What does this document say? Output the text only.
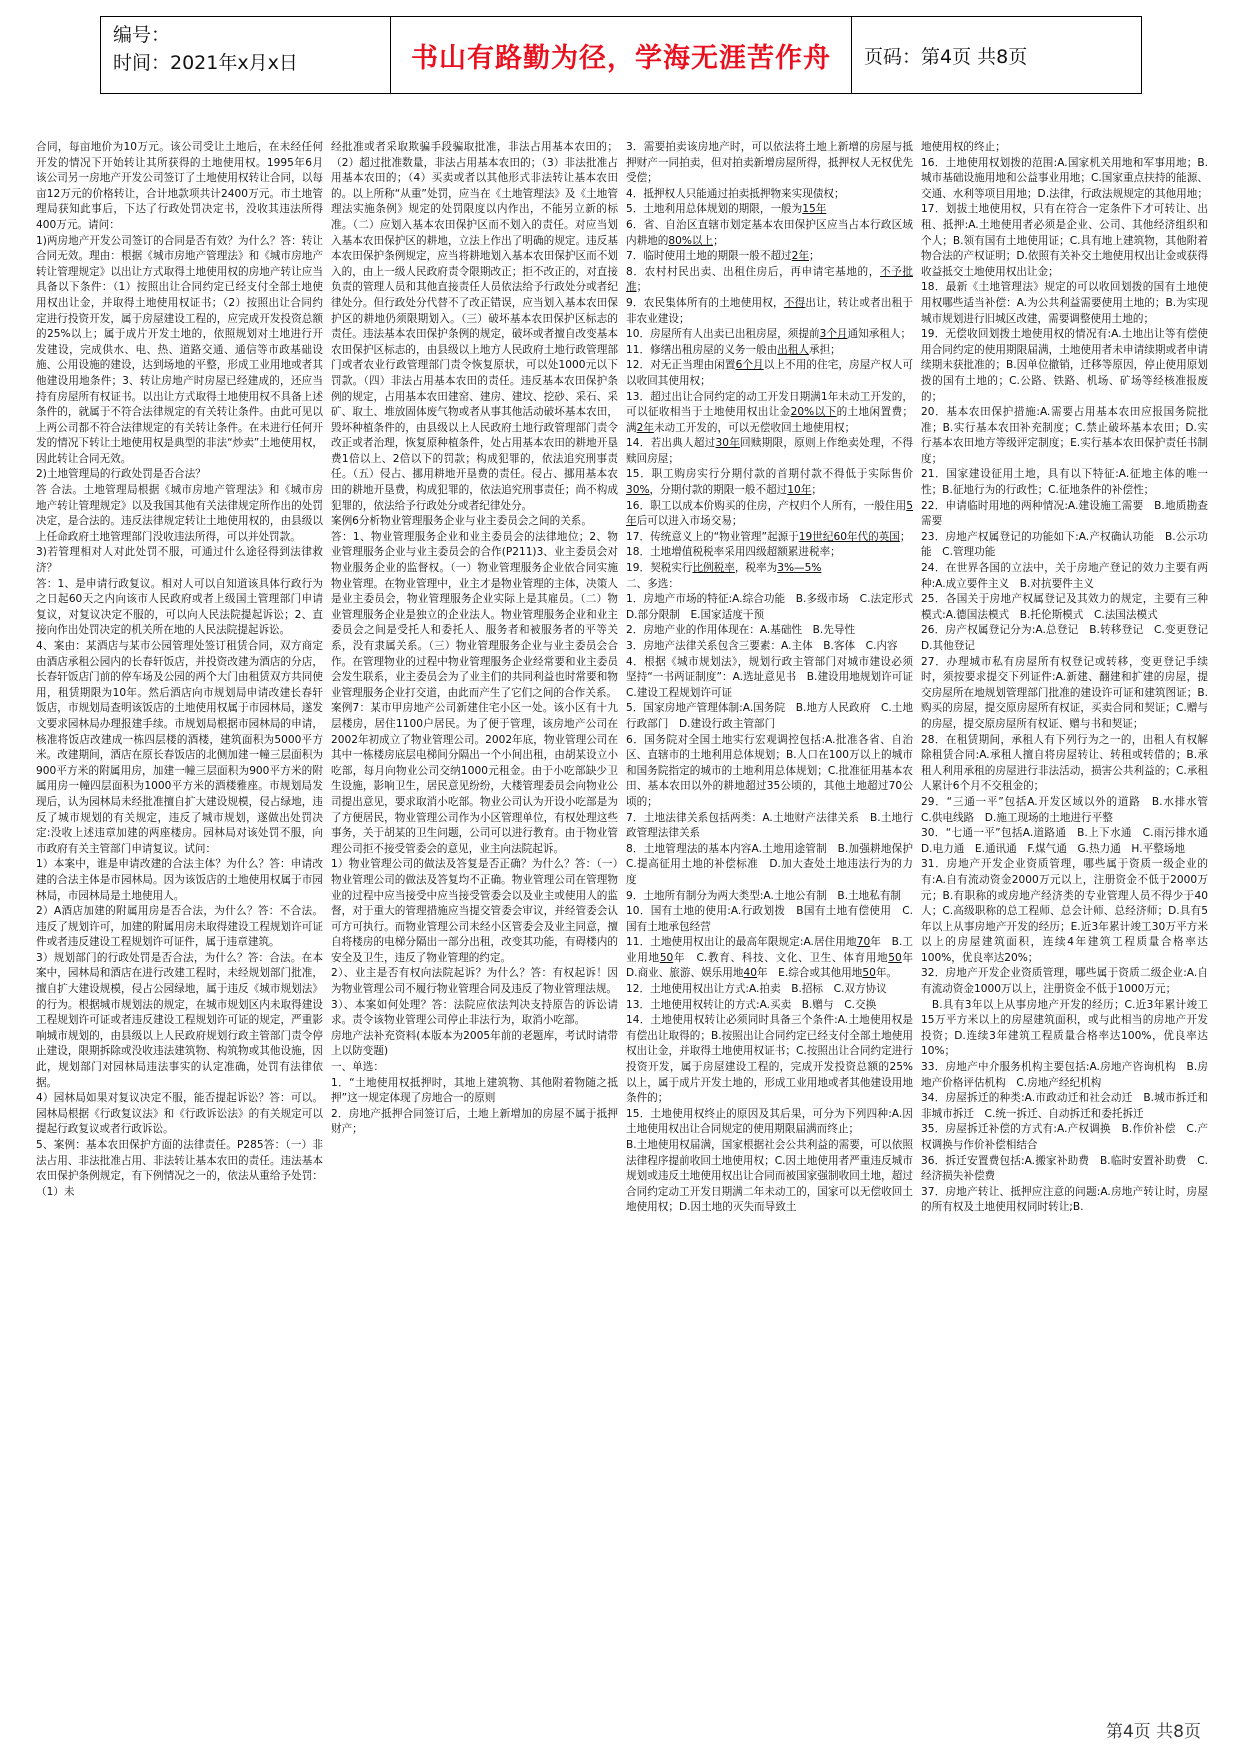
编号：
时间：2021年x月x日	书山有路勤为径，学海无涯苦作舟	页码：第4页 共8页

合同，每亩地价为10万元。该公司受让土地后，在未经任何开发的情况下开始转让其所获得的土地使用权。1995年6月该公司另一房地产开发公司签订了土地使用权转让合同，以每亩12万元的价格转让，合计地款项共计2400万元。市土地管理局获知此事后，下达了行政处罚决定书，没收其违法所得400万元。请问：

1)两房地产开发公司签订的合同是否有效？为什么？答：转让合同无效。理由：根据《城市房地产管理法》和《城市房地产转让管理规定》以出让方式取得土地使用权的房地产转让应当具备以下条件：（1）按照出让合同约定已经支付全部土地使用权出让金，并取得土地使用权证书；（2）按照出让合同约定进行投资开发，属于房屋建设工程的，应完成开发投资总额的25%以上；属于成片开发土地的，依照规划对土地进行开发建设，完成供水、电、热、道路交通、通信等市政基础设施、公用设施的建设，达到场地的平整，形成工业用地或者其他建设用地条件；3、转让房地产时房屋已经建成的，还应当持有房屋所有权证书。以出让方式取得土地使用权不具备上述条件的，就属于不符合法律规定的有关转让条件。由此可见以上两公司都不符合法律规定的有关转让条件。在未进行任何开发的情况下转让土地使用权是典型的非法“炒卖”土地使用权，因此转让合同无效。

2)土地管理局的行政处罚是否合法？

答 合法。土地管理局根据《城市房地产管理法》和《城市房地产转让管理规定》以及我国其他有关法律规定所作出的处罚决定，是合法的。违反法律规定转让土地使用权的，由县级以上任命政府土地管理部门没收违法所得，可以并处罚款。

3)若管理相对人对此处罚不服，可通过什么途径得到法律救济？

答：1、是申请行政复议。相对人可以自知道该具体行政行为之日起60天之内向该市人民政府或者上级国土管理部门申请复议，对复议决定不服的，可以向人民法院提起诉讼；2、直接向作出处罚决定的机关所在地的人民法院提起诉讼。

4、案由：某酒店与某市公园管理处签订租赁合同，双方商定由酒店承租公园内的长春轩饭店，并投资改建为酒店的分店，长春轩饭店门前的停车场及公园的两个大门由租赁双方共同使用，租赁期限为10年。然后酒店向市规划局申请改建长春轩饭店，市规划局查明该饭店的土地使用权属于市园林局，遂发文要求园林局办理报建手续。市规划局根据市园林局的申请，核准将饭店改建成一栋四层楼的酒楼，建筑面积为5000平方米。改建期间，酒店在原长春饭店的北侧加建一幢三层面积为900平方米的附属用房，加建一幢三层面积为900平方米的附属用房一幢四层面积为1000平方米的酒楼雅座。市规划局发现后，认为园林局未经批准擅自扩大建设规模，侵占绿地，违反了城市规划的有关规定，违反了城市规划，遂做出处罚决定:没收上述违章加建的两座楼房。园林局对该处罚不服，向市政府有关主管部门申请复议。试问：

1）本案中，谁是申请改建的合法主体？为什么？答：申请改建的合法主体是市园林局。因为该饭店的土地使用权属于市园林局，市园林局是土地使用人。

2）A酒店加建的附属用房是否合法，为什么？答：不合法。违反了规划许可，加建的附属用房未取得建设工程规划许可证件或者违反建设工程规划许可证件，属于违章建筑。

3）规划部门的行政处罚是否合法，为什么？答：合法。在本案中，园林局和酒店在进行改建工程时，未经规划部门批准，擅自扩大建设规模，侵占公园绿地，属于违反《城市规划法》的行为。根据城市规划法的规定，在城市规划区内未取得建设工程规划许可证或者违反建设工程规划许可证的规定，严重影响城市规划的，由县级以上人民政府规划行政主管部门责令停止建设，限期拆除或没收违法建筑物、构筑物或其他设施，因此，规划部门对园林局违法事实的认定准确，处罚有法律依据。

4）园林局如果对复议决定不服，能否提起诉讼？答：可以。园林局根据《行政复议法》和《行政诉讼法》的有关规定可以提起行政复议或者行政诉讼。

5、案例：基本农田保护方面的法律责任。P285答：（一）非法占用、非法批准占用、非法转让基本农田的责任。违法基本农田保护条例规定，有下例情况之一的，依法从重给予处罚：（1）未

经批准或者采取欺骗手段骗取批准，非法占用基本农田的；（2）超过批准数量，非法占用基本农田的；（3）非法批准占用基本农田的；（4）买卖或者以其他形式非法转让基本农田的。以上所称“从重”处罚，应当在《土地管理法》及《土地管理法实施条例》规定的处罚限度以内作出，不能另立新的标准。（二）应划入基本农田保护区而不划入的责任。对应当划入基本农田保护区的耕地，立法上作出了明确的规定。违反基本农田保护条例规定，应当将耕地划入基本农田保护区而不划入的，由上一级人民政府责令限期改正；拒不改正的，对直接负责的管理人员和其他直接责任人员依法给予行政处分或者纪律处分。但行政处分代替不了改正错误，应当划入基本农田保护区的耕地仍须限期划入。（三）破坏基本农田保护区标志的责任。违法基本农田保护条例的规定，破坏或者擅自改变基本农田保护区标志的，由县级以上地方人民政府土地行政管理部门或者农业行政管理部门责令恢复原状，可以处1000元以下罚款。（四）非法占用基本农田的责任。违反基本农田保护条例的规定，占用基本农田建窑、建房、建坟、挖砂、采石、采矿、取土、堆放固体废气物或者从事其他活动破坏基本农田，毁坏种植条件的，由县级以上人民政府土地行政管理部门责令改正或者治理，恢复原种植条件，处占用基本农田的耕地开垦费1倍以上、2倍以下的罚款；构成犯罪的，依法追究刑事责任。（五）侵占、挪用耕地开垦费的责任。侵占、挪用基本农田的耕地开垦费，构成犯罪的，依法追究刑事责任；尚不构成犯罪的，依法给予行政处分或者纪律处分。

案例6分析物业管理服务企业与业主委员会之间的关系。

答：1、物业管理服务企业和业主委员会的法律地位；2、物业管理服务企业与业主委员会的合作(P211)3、业主委员会对物业服务企业的监督权。（一）物业管理服务企业依合同实施物业管理。在物业管理中，业主才是物业管理的主体，决策人是业主委员会，物业管理服务企业实际上是其雇员。（二）物业管理服务企业是独立的企业法人。物业管理服务企业和业主委员会之间是受托人和委托人、服务者和被服务者的平等关系，没有隶属关系。（三）物业管理服务企业与业主委员会合作。在管理物业的过程中物业管理服务企业经常要和业主委员会发生联系，业主委员会为了业主们的共同利益也时常要和物业管理服务企业打交道，由此而产生了它们之间的合作关系。

案例7：某市甲房地产公司新建住宅小区一处。该小区有十九层楼房，居住1100户居民。为了便于管理，该房地产公司在2002年初成立了物业管理公司。2002年底，物业管理公司在其中一栋楼房底层电梯间分隔出一个小间出租，由胡某设立小吃部，每月向物业公司交纳1000元租金。由于小吃部缺少卫生设施，影响卫生，居民意见纷纷，大楼管理委员会向物业公司提出意见，要求取消小吃部。物业公司认为开设小吃部是为了方便居民，物业管理公司作为小区管理单位，有权处理这些事务，关于胡某的卫生问题，公司可以进行教育。由于物业管理公司拒不接受管委会的意见，业主向法院起诉。

1）物业管理公司的做法及答复是否正确？为什么？答：（一）物业管理公司的做法及答复均不正确。物业管理公司在管理物业的过程中应当接受中应当接受管委会以及业主或使用人的监督，对于重大的管理措施应当提交管委会审议，并经管委会认可方可执行。而物业管理公司未经小区管委会及业主同意，擅自将楼房的电梯分隔出一部分出租，改变其功能，有碍楼内的安全及卫生，违反了物业管理的约定。

2）、业主是否有权向法院起诉？为什么？答：有权起诉！因为物业管理公司不履行物业管理合同及违反了物业管理法规。

3）、本案如何处理？答：法院应依法判决支持原告的诉讼请求。责令该物业管理公司停止非法行为，取消小吃部。

房地产法补充资料(本版本为2005年前的老题库，考试时请带上以防变题)

一、单选：

1．“土地使用权抵押时，其地上建筑物、其他附着物随之抵押”这一规定体现了房地合一的原则

2．房地产抵押合同签订后，土地上新增加的房屋不属于抵押财产；

3．需要拍卖该房地产时，可以依法将土地上新增的房屋与抵押财产一同拍卖，但对拍卖新增房屋所得，抵押权人无权优先受偿；

4．抵押权人只能通过拍卖抵押物来实现债权；

5．土地利用总体规划的期限，一般为15年

6．省、自治区直辖市划定基本农田保护区应当占本行政区域内耕地的80%以上；

7．临时使用土地的期限一般不超过2年；

8．农村村民出卖、出租住房后，再申请宅基地的，不予批准；

9．农民集体所有的土地使用权，不得出让，转让或者出租于非农业建设；

10．房屋所有人出卖已出租房屋，须提前3个月通知承租人；

11．修缮出租房屋的义务一般由出租人承担；

12．对无正当理由闲置6个月以上不用的住宅，房屋产权人可以收回其使用权；

13．超过出让合同约定的动工开发日期满1年未动工开发的，可以征收相当于土地使用权出让金20%以下的土地闲置费；满2年未动工开发的，可以无偿收回土地使用权；

14．若出典人超过30年回赎期限，原则上作绝卖处理，不得赎回房屋；

15．职工购房实行分期付款的首期付款不得低于实际售价30%，分期付款的期限一般不超过10年；

16．职工以成本价购买的住房，产权归个人所有，一般住用5年后可以进入市场交易；

17．传统意义上的“物业管理”起源于19世纪60年代的英国；

18．土地增值税税率采用四级超额累进税率；

19．契税实行比例税率，税率为3%—5%

二、多选：

1．房地产市场的特征:A.综合功能　B.多级市场　C.法定形式　D.部分限制　E.国家适度干预

2．房地产业的作用体现在：A.基础性　B.先导性

3．房地产法律关系包含三要素：A.主体　B.客体　C.内容

4．根据《城市规划法》，规划行政主管部门对城市建设必须坚持“一书两证制度”：A.选址意见书　B.建设用地规划许可证　C.建设工程规划许可证

5．国家房地产管理体制:A.国务院　B.地方人民政府　C.土地行政部门　D.建设行政主管部门

6．国务院对全国土地实行宏观调控包括:A.批准各省、自治区、直辖市的土地利用总体规划；B.人口在100万以上的城市和国务院指定的城市的土地利用总体规划；C.批准征用基本农田、基本农田以外的耕地超过35公顷的，其他土地超过70公顷的；

7．土地法律关系包括两类：A.土地财产法律关系　B.土地行政管理法律关系

8．土地管理法的基本内容A.土地用途管制　B.加强耕地保护　C.提高征用土地的补偿标准　D.加大查处土地违法行为的力度

9．土地所有制分为两大类型:A.土地公有制　B.土地私有制

10．国有土地的使用:A.行政划拨　B国有土地有偿使用　C.国有土地承包经营

11．土地使用权出让的最高年限规定:A.居住用地70年　B.工业用地50年　C.教育、科技、文化、卫生、体育用地50年　D.商业、旅游、娱乐用地40年　E.综合或其他用地50年。

12．土地使用权出让方式:A.拍卖　B.招标　C.双方协议

13．土地使用权转让的方式:A.买卖　B.赠与　C.交换

14．土地使用权转让必须同时具备三个条件:A.土地使用权是有偿出让取得的；B.按照出让合同约定已经支付全部土地使用权出让金，并取得土地使用权证书；C.按照出让合同约定进行投资开发，属于房屋建设工程的，完成开发投资总额的25%以上，属于成片开发土地的，形成工业用地或者其他建设用地条件的；

15．土地使用权终止的原因及其后果，可分为下列四种:A.因土地使用权出让合同规定的使用期限届满而终止；

B.土地使用权届满，国家根据社会公共利益的需要，可以依照法律程序提前收回土地使用权；C.因土地使用者严重违反城市规划或违反土地使用权出让合同而被国家强制收回土地，超过合同约定动工开发日期满二年未动工的，国家可以无偿收回土地使用权；D.因土地的灭失而导致土

地使用权的终止；

16．土地使用权划拨的范围:A.国家机关用地和军事用地；B.城市基础设施用地和公益事业用地；C.国家重点扶持的能源、交通、水利等项目用地；D.法律，行政法规规定的其他用地；

17．划拔土地使用权，只有在符合一定条件下才可转让、出租、抵押:A.土地使用者必须是企业、公司、其他经济组织和个人；B.领有国有土地使用证；C.具有地上建筑物，其他附着物合法的产权证明；D.依照有关补交土地使用权出让金或获得收益抵交土地使用权出让金；

18．最新《土地管理法》规定的可以收回划拨的国有土地使用权哪些适当补偿：A.为公共利益需要使用土地的；B.为实现城市规划进行旧城区改建，需要调整使用土地的；

19．无偿收回划拨土地使用权的情况有:A.土地出让等有偿使用合同约定的使用期限届满，土地使用者未申请续期或者申请续期未获批准的；B.因单位撤销，迁移等原因，停止使用原划拨的国有土地的；C.公路、铁路、机场、矿场等经核准报废的；

20．基本农田保护措施:A.需要占用基本农田应报国务院批准；B.实行基本农田补充制度；C.禁止破坏基本农田；D.实行基本农田地方等级评定制度；E.实行基本农田保护责任书制度；

21．国家建设征用土地，具有以下特征:A.征地主体的唯一性；B.征地行为的行政性；C.征地条件的补偿性；

22．申请临时用地的两种情况:A.建设施工需要　B.地质勘查需要

23．房地产权属登记的功能如下:A.产权确认功能　B.公示功能　C.管理功能

24．在世界各国的立法中，关于房地产登记的效力主要有两种:A.成立要件主义　B.对抗要件主义

25．各国关于房地产权属登记及其效力的规定，主要有三种模式:A.德国法模式　B.托伦斯模式　C.法国法模式

26．房产权属登记分为:A.总登记　B.转移登记　C.变更登记　D.其他登记

27．办理城市私有房屋所有权登记或转移，变更登记手续时，须按要求提交下列证件:A.新建、翻建和扩建的房屋，提交房屋所在地规划管理部门批准的建设许可证和建筑图证；B.购买的房屋，提交原房屋所有权证，买卖合同和契证；C.赠与的房屋，提交原房屋所有权证、赠与书和契证；

28．在租赁期间，承租人有下列行为之一的，出租人有权解除租赁合同:A.承租人擅自将房屋转让、转租或转借的；B.承租人利用承租的房屋进行非法活动，损害公共利益的；C.承租人累计6个月不交租金的；

29．“三通一平”包括A.开发区域以外的道路　B.水排水管　C.供电线路　D.施工现场的土地进行平整

30．“七通一平”包括A.道路通　B.上下水通　C.雨污排水通　D.电力通　E.通讯通　F.煤气通　G.热力通　H.平整场地

31．房地产开发企业资质管理，哪些属于资质一级企业的有:A.自有流动资金2000万元以上，注册资金不低于2000万元；B.有职称的或房地产经济类的专业管理人员不得少于40人；C.高级职称的总工程师、总会计师、总经济师；D.具有5年以上从事房地产开发的经历；E.近3年累计竣工30万平方米以上的房屋建筑面积，连续4年建筑工程质量合格率达100%，优良率达20%；

32．房地产开发企业资质管理，哪些属于资质二级企业:A.自有流动资金1000万以上，注册资金不低于1000万元；

　B.具有3年以上从事房地产开发的经历；C.近3年累计竣工15万平方米以上的房屋建筑面积，或与此相当的房地产开发投资；D.连续3年建筑工程质量合格率达100%，优良率达10%；

33．房地产中介服务机构主要包括:A.房地产咨询机构　B.房地产价格评估机构　C.房地产经纪机构

34．房屋拆迁的种类:A.市政动迁和社会动迁　B.城市拆迁和非城市拆迁　C.统一拆迁、自动拆迁和委托拆迁

35．房屋拆迁补偿的方式有:A.产权调换　B.作价补偿　C.产权调换与作价补偿相结合

36．拆迁安置费包括:A.搬家补助费　B.临时安置补助费　C.经济损失补偿费

37．房地产转让、抵押应注意的问题:A.房地产转让时，房屋的所有权及土地使用权同时转让;B.

第4页 共8页
